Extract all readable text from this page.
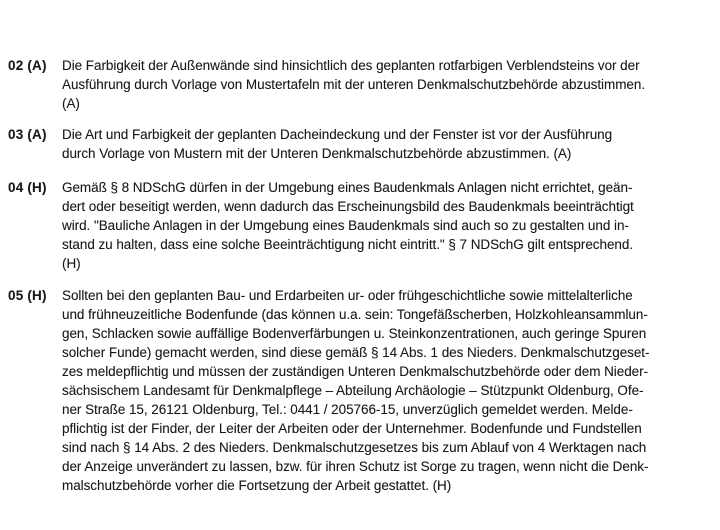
02 (A) Die Farbigkeit der Außenwände sind hinsichtlich des geplanten rotfarbigen Verblendsteins vor der
Ausführung durch Vorlage von Mustertafeln mit der unteren Denkmalschutzbehörde abzustimmen.
(A)
03 (A) Die Art und Farbigkeit der geplanten Dacheindeckung und der Fenster ist vor der Ausführung
durch Vorlage von Mustern mit der Unteren Denkmalschutzbehörde abzustimmen. (A)
04 (H) Gemäß § 8 NDSchG dürfen in der Umgebung eines Baudenkmals Anlagen nicht errichtet, geän-
dert oder beseitigt werden, wenn dadurch das Erscheinungsbild des Baudenkmals beeinträchtigt
wird. "Bauliche Anlagen in der Umgebung eines Baudenkmals sind auch so zu gestalten und in-
stand zu halten, dass eine solche Beeinträchtigung nicht eintritt." § 7 NDSchG gilt entsprechend.
(H)
05 (H) Sollten bei den geplanten Bau- und Erdarbeiten ur- oder frühgeschichtliche sowie mittelalterliche
und frühneuzeitliche Bodenfunde (das können u.a. sein: Tongefäßscherben, Holzkohleansammlun-
gen, Schlacken sowie auffällige Bodenverfärbungen u. Steinkonzentrationen, auch geringe Spuren
solcher Funde) gemacht werden, sind diese gemäß § 14 Abs. 1 des Nieders. Denkmalschutzgeset-
zes meldepflichtig und müssen der zuständigen Unteren Denkmalschutzbehörde oder dem Nieder-
sächsischem Landesamt für Denkmalpflege – Abteilung Archäologie – Stützpunkt Oldenburg, Ofe-
ner Straße 15, 26121 Oldenburg, Tel.: 0441 / 205766-15, unverzüglich gemeldet werden. Melde-
pflichtig ist der Finder, der Leiter der Arbeiten oder der Unternehmer. Bodenfunde und Fundstellen
sind nach § 14 Abs. 2 des Nieders. Denkmalschutzgesetzes bis zum Ablauf von 4 Werktagen nach
der Anzeige unverändert zu lassen, bzw. für ihren Schutz ist Sorge zu tragen, wenn nicht die Denk-
malschutzbehörde vorher die Fortsetzung der Arbeit gestattet. (H)
